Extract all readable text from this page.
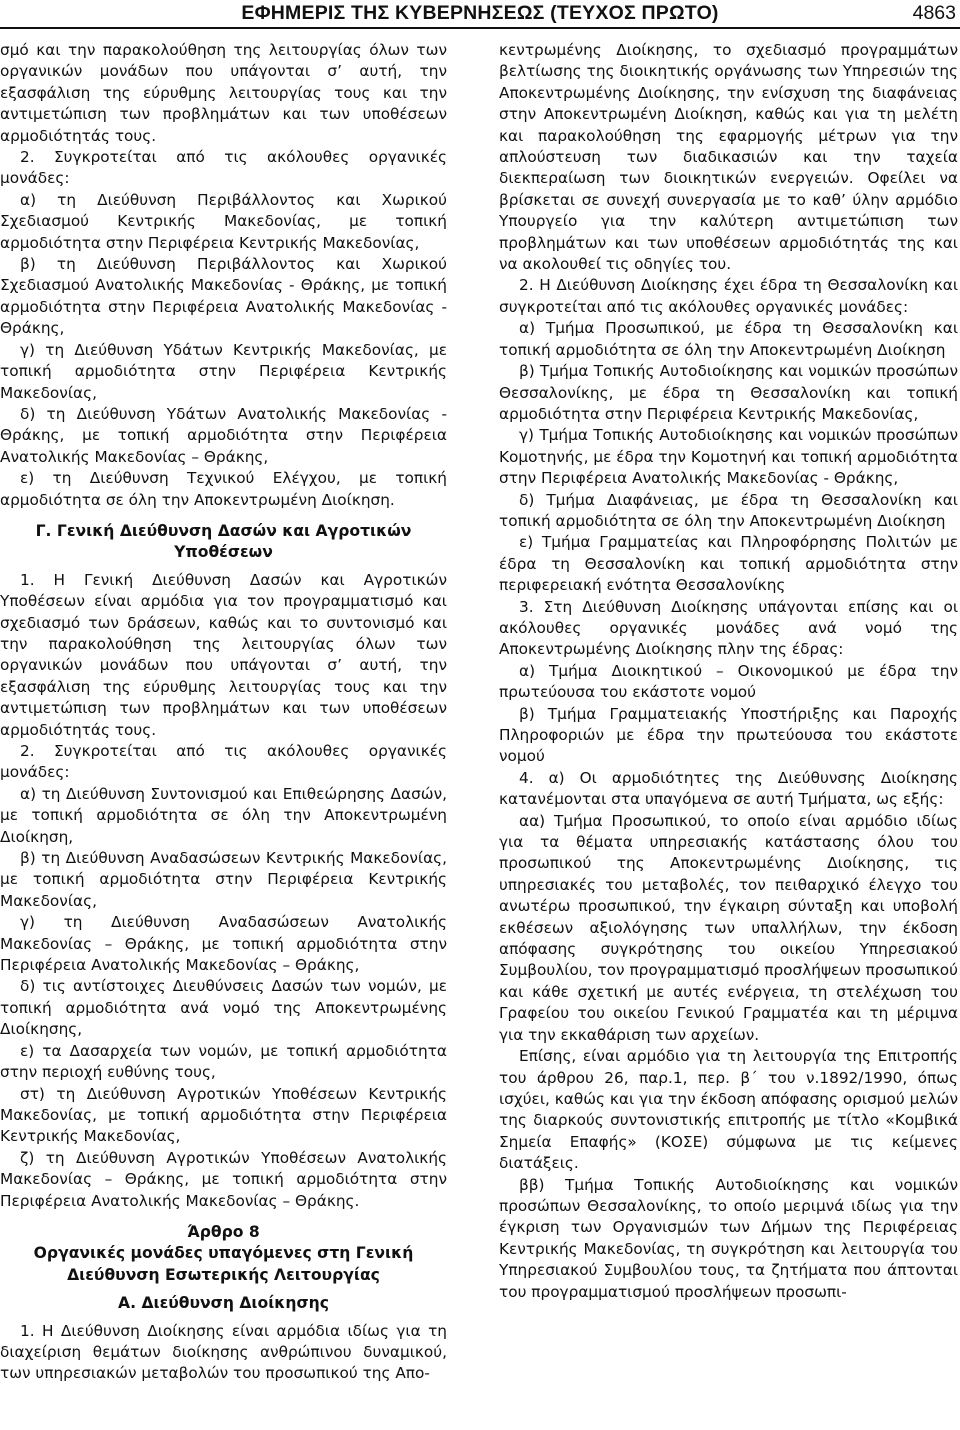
ΕΦΗΜΕΡΙΣ ΤΗΣ ΚΥΒΕΡΝΗΣΕΩΣ (ΤΕΥΧΟΣ ΠΡΩΤΟ)	4863

σμό και την παρακολούθηση της λειτουργίας όλων των οργανικών μονάδων που υπάγονται σ’ αυτή, την εξασφάλιση της εύρυθμης λειτουργίας τους και την αντιμετώπιση των προβλημάτων και των υποθέσεων αρμοδιότητάς τους.

2. Συγκροτείται από τις ακόλουθες οργανικές μονάδες:

α) τη Διεύθυνση Περιβάλλοντος και Χωρικού Σχεδιασμού Κεντρικής Μακεδονίας, με τοπική αρμοδιότητα στην Περιφέρεια Κεντρικής Μακεδονίας,

β) τη Διεύθυνση Περιβάλλοντος και Χωρικού Σχεδιασμού Ανατολικής Μακεδονίας - Θράκης, με τοπική αρμοδιότητα στην Περιφέρεια Ανατολικής Μακεδονίας - Θράκης,

γ) τη Διεύθυνση Υδάτων Κεντρικής Μακεδονίας, με τοπική αρμοδιότητα στην Περιφέρεια Κεντρικής Μακεδονίας,

δ) τη Διεύθυνση Υδάτων Ανατολικής Μακεδονίας - Θράκης, με τοπική αρμοδιότητα στην Περιφέρεια Ανατολικής Μακεδονίας – Θράκης,

ε) τη Διεύθυνση Τεχνικού Ελέγχου, με τοπική αρμοδιότητα σε όλη την Αποκεντρωμένη Διοίκηση.

Γ. Γενική Διεύθυνση Δασών και Αγροτικών Υποθέσεων

1. Η Γενική Διεύθυνση Δασών και Αγροτικών Υποθέσεων είναι αρμόδια για τον προγραμματισμό και σχεδιασμό των δράσεων, καθώς και το συντονισμό και την παρακολούθηση της λειτουργίας όλων των οργανικών μονάδων που υπάγονται σ’ αυτή, την εξασφάλιση της εύρυθμης λειτουργίας τους και την αντιμετώπιση των προβλημάτων και των υποθέσεων αρμοδιότητάς τους.

2. Συγκροτείται από τις ακόλουθες οργανικές μονάδες:

α) τη Διεύθυνση Συντονισμού και Επιθεώρησης Δασών, με τοπική αρμοδιότητα σε όλη την Αποκεντρωμένη Διοίκηση,

β) τη Διεύθυνση Αναδασώσεων Κεντρικής Μακεδονίας, με τοπική αρμοδιότητα στην Περιφέρεια Κεντρικής Μακεδονίας,

γ) τη Διεύθυνση Αναδασώσεων Ανατολικής Μακεδονίας – Θράκης, με τοπική αρμοδιότητα στην Περιφέρεια Ανατολικής Μακεδονίας – Θράκης,

δ) τις αντίστοιχες Διευθύνσεις Δασών των νομών, με τοπική αρμοδιότητα ανά νομό της Αποκεντρωμένης Διοίκησης,

ε) τα Δασαρχεία των νομών, με τοπική αρμοδιότητα στην περιοχή ευθύνης τους,

στ) τη Διεύθυνση Αγροτικών Υποθέσεων Κεντρικής Μακεδονίας, με τοπική αρμοδιότητα στην Περιφέρεια Κεντρικής Μακεδονίας,

ζ) τη Διεύθυνση Αγροτικών Υποθέσεων Ανατολικής Μακεδονίας – Θράκης, με τοπική αρμοδιότητα στην Περιφέρεια Ανατολικής Μακεδονίας – Θράκης.

Άρθρο 8
Οργανικές μονάδες υπαγόμενες στη Γενική Διεύθυνση Εσωτερικής Λειτουργίας
Α. Διεύθυνση Διοίκησης

1. Η Διεύθυνση Διοίκησης είναι αρμόδια ιδίως για τη διαχείριση θεμάτων διοίκησης ανθρώπινου δυναμικού, των υπηρεσιακών μεταβολών του προσωπικού της Απο-

κεντρωμένης Διοίκησης, το σχεδιασμό προγραμμάτων βελτίωσης της διοικητικής οργάνωσης των Υπηρεσιών της Αποκεντρωμένης Διοίκησης, την ενίσχυση της διαφάνειας στην Αποκεντρωμένη Διοίκηση, καθώς και για τη μελέτη και παρακολούθηση της εφαρμογής μέτρων για την απλούστευση των διαδικασιών και την ταχεία διεκπεραίωση των διοικητικών ενεργειών. Οφείλει να βρίσκεται σε συνεχή συνεργασία με το καθ’ ύλην αρμόδιο Υπουργείο για την καλύτερη αντιμετώπιση των προβλημάτων και των υποθέσεων αρμοδιότητάς της και να ακολουθεί τις οδηγίες του.

2. Η Διεύθυνση Διοίκησης έχει έδρα τη Θεσσαλονίκη και συγκροτείται από τις ακόλουθες οργανικές μονάδες:

α) Τμήμα Προσωπικού, με έδρα τη Θεσσαλονίκη και τοπική αρμοδιότητα σε όλη την Αποκεντρωμένη Διοίκηση

β) Τμήμα Τοπικής Αυτοδιοίκησης και νομικών προσώπων Θεσσαλονίκης, με έδρα τη Θεσσαλονίκη και τοπική αρμοδιότητα στην Περιφέρεια Κεντρικής Μακεδονίας,

γ) Τμήμα Τοπικής Αυτοδιοίκησης και νομικών προσώπων Κομοτηνής, με έδρα την Κομοτηνή και τοπική αρμοδιότητα στην Περιφέρεια Ανατολικής Μακεδονίας - Θράκης,

δ) Τμήμα Διαφάνειας, με έδρα τη Θεσσαλονίκη και τοπική αρμοδιότητα σε όλη την Αποκεντρωμένη Διοίκηση

ε) Τμήμα Γραμματείας και Πληροφόρησης Πολιτών με έδρα τη Θεσσαλονίκη και τοπική αρμοδιότητα στην περιφερειακή ενότητα Θεσσαλονίκης

3. Στη Διεύθυνση Διοίκησης υπάγονται επίσης και οι ακόλουθες οργανικές μονάδες ανά νομό της Αποκεντρωμένης Διοίκησης πλην της έδρας:

α) Τμήμα Διοικητικού – Οικονομικού με έδρα την πρωτεύουσα του εκάστοτε νομού

β) Τμήμα Γραμματειακής Υποστήριξης και Παροχής Πληροφοριών με έδρα την πρωτεύουσα του εκάστοτε νομού

4. α) Οι αρμοδιότητες της Διεύθυνσης Διοίκησης κατανέμονται στα υπαγόμενα σε αυτή Τμήματα, ως εξής:

αα) Τμήμα Προσωπικού, το οποίο είναι αρμόδιο ιδίως για τα θέματα υπηρεσιακής κατάστασης όλου του προσωπικού της Αποκεντρωμένης Διοίκησης, τις υπηρεσιακές του μεταβολές, τον πειθαρχικό έλεγχο του ανωτέρω προσωπικού, την έγκαιρη σύνταξη και υποβολή εκθέσεων αξιολόγησης των υπαλλήλων, την έκδοση απόφασης συγκρότησης του οικείου Υπηρεσιακού Συμβουλίου, τον προγραμματισμό προσλήψεων προσωπικού και κάθε σχετική με αυτές ενέργεια, τη στελέχωση του Γραφείου του οικείου Γενικού Γραμματέα και τη μέριμνα για την εκκαθάριση των αρχείων.

Επίσης, είναι αρμόδιο για τη λειτουργία της Επιτροπής του άρθρου 26, παρ.1, περ. β΄ του ν.1892/1990, όπως ισχύει, καθώς και για την έκδοση απόφασης ορισμού μελών της διαρκούς συντονιστικής επιτροπής με τίτλο «Κομβικά Σημεία Επαφής» (ΚΟΣΕ) σύμφωνα με τις κείμενες διατάξεις.

ββ) Τμήμα Τοπικής Αυτοδιοίκησης και νομικών προσώπων Θεσσαλονίκης, το οποίο μεριμνά ιδίως για την έγκριση των Οργανισμών των Δήμων της Περιφέρειας Κεντρικής Μακεδονίας, τη συγκρότηση και λειτουργία του Υπηρεσιακού Συμβουλίου τους, τα ζητήματα που άπτονται του προγραμματισμού προσλήψεων προσωπι-
